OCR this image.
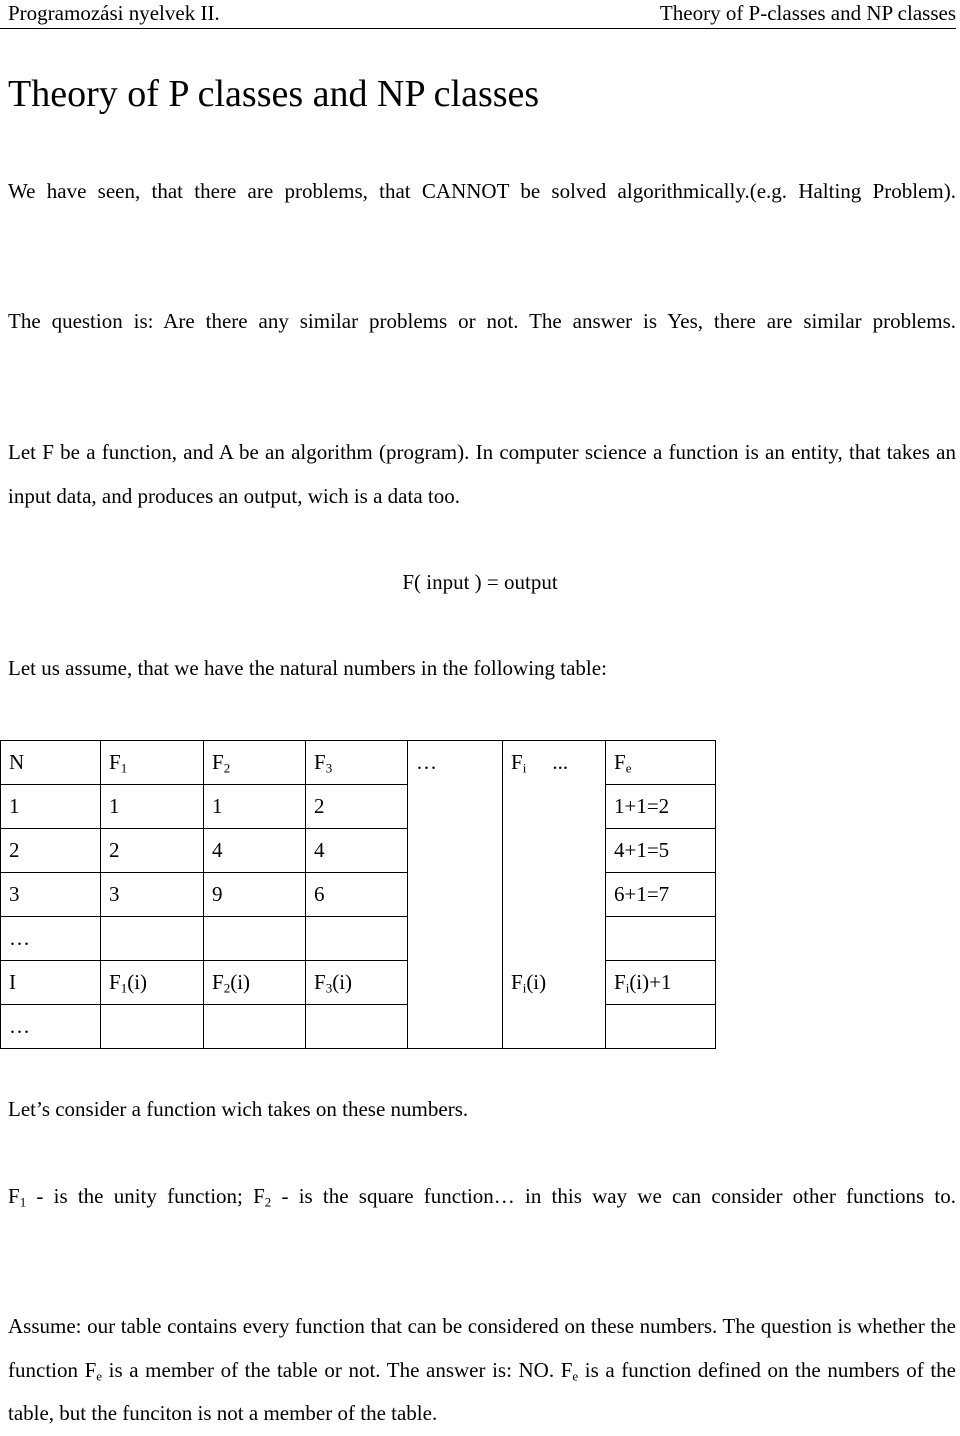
Programozási nyelvek II.	Theory of P-classes and NP classes
Theory of P classes and NP classes

We have seen, that there are problems, that CANNOT be solved algorithmically.(e.g. Halting Problem).

The question is: Are there any similar problems or not. The answer is Yes, there are similar problems.

Let F be a function, and A be an algorithm (program). In computer science a function is an entity, that takes an input data, and produces an output, wich is a data too.

F( input ) = output

Let us assume, that we have the natural numbers in the following table:

N	$F_1$	$F_2$	$F_3$	…	$F_i$ ...	$F_e$
1	1	1	2			1+1=2
2	2	4	4			4+1=5
3	3	9	6			6+1=7
…						
I	$F_1(i)$	$F_2(i)$	$F_3(i)$		$F_i(i)$	$F_i(i)+1$
…						

Let’s consider a function wich takes on these numbers.

$F_1$ - is the unity function; $F_2$ - is the square function… in this way we can consider other functions to.

Assume: our table contains every function that can be considered on these numbers. The question is whether the function $F_e$ is a member of the table or not. The answer is: NO. $F_e$ is a function defined on the numbers of the table, but the funciton is not a member of the table.
